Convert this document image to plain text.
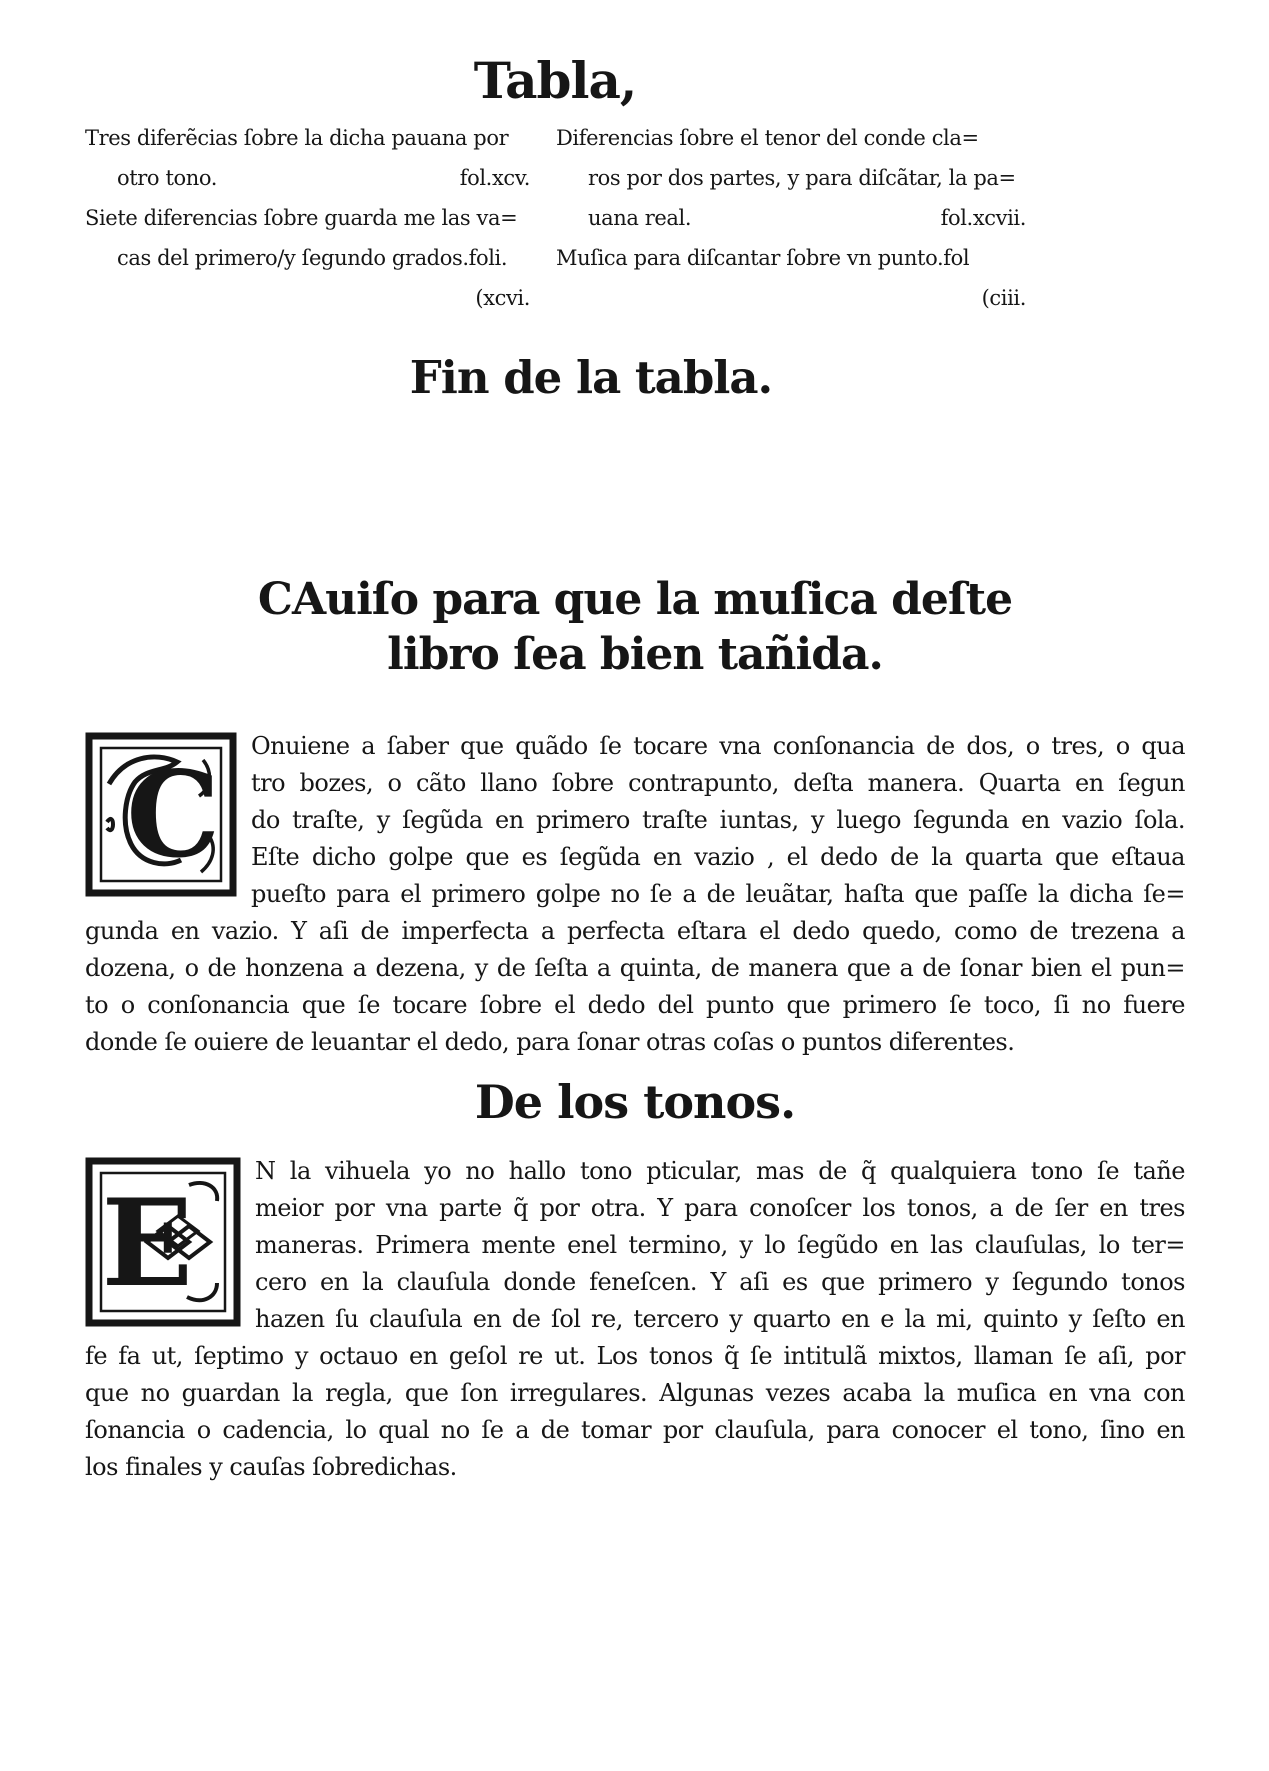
Tabla,
Tres diferẽcias ſobre la dicha pauana por
otro tono.	fol.xcv.
Siete diferencias ſobre guarda me las va=
cas del primero/y ſegundo grados.foli.
(xcvi.
Diferencias ſobre el tenor del conde cla=
ros por dos partes, y para diſcãtar, la pa=
uana real.	fol.xcvii.
Muſica para diſcantar ſobre vn punto.fol
(ciii.
Fin de la tabla.
CAuiſo para que la muſica deſte
libro ſea bien tañida.
C	Onuiene a ſaber que quãdo ſe tocare vna conſonancia de dos, o tres, o qua
tro bozes, o cãto llano ſobre contrapunto, deſta manera. Quarta en ſegun
do traſte, y ſegũda en primero traſte iuntas, y luego ſegunda en vazio ſola.
Eſte dicho golpe que es ſegũda en vazio , el dedo de la quarta que eſtaua
pueſto para el primero golpe no ſe a de leuãtar, haſta que paſſe la dicha ſe=
gunda en vazio. Y aſi de imperfecta a perfecta eſtara el dedo quedo, como de trezena a
dozena, o de honzena a dezena, y de ſeſta a quinta, de manera que a de ſonar bien el pun=
to o conſonancia que ſe tocare ſobre el dedo del punto que primero ſe toco, ſi no fuere
donde ſe ouiere de leuantar el dedo, para ſonar otras coſas o puntos diferentes.
De los tonos.
E
N la vihuela yo no hallo tono pticular, mas de q̃ qualquiera tono ſe tañe
meior por vna parte q̃ por otra. Y para conoſcer los tonos, a de ſer en tres
maneras. Primera mente enel termino, y lo ſegũdo en las clauſulas, lo ter=
cero en la clauſula donde feneſcen. Y aſi es que primero y ſegundo tonos
hazen ſu clauſula en de ſol re, tercero y quarto en e la mi, quinto y ſeſto en
fe fa ut, ſeptimo y octauo en geſol re ut. Los tonos q̃ ſe intitulã mixtos, llaman ſe aſi, por
que no guardan la regla, que ſon irregulares. Algunas vezes acaba la muſica en vna con
ſonancia o cadencia, lo qual no ſe a de tomar por clauſula, para conocer el tono, ſino en
los finales y cauſas ſobredichas.
